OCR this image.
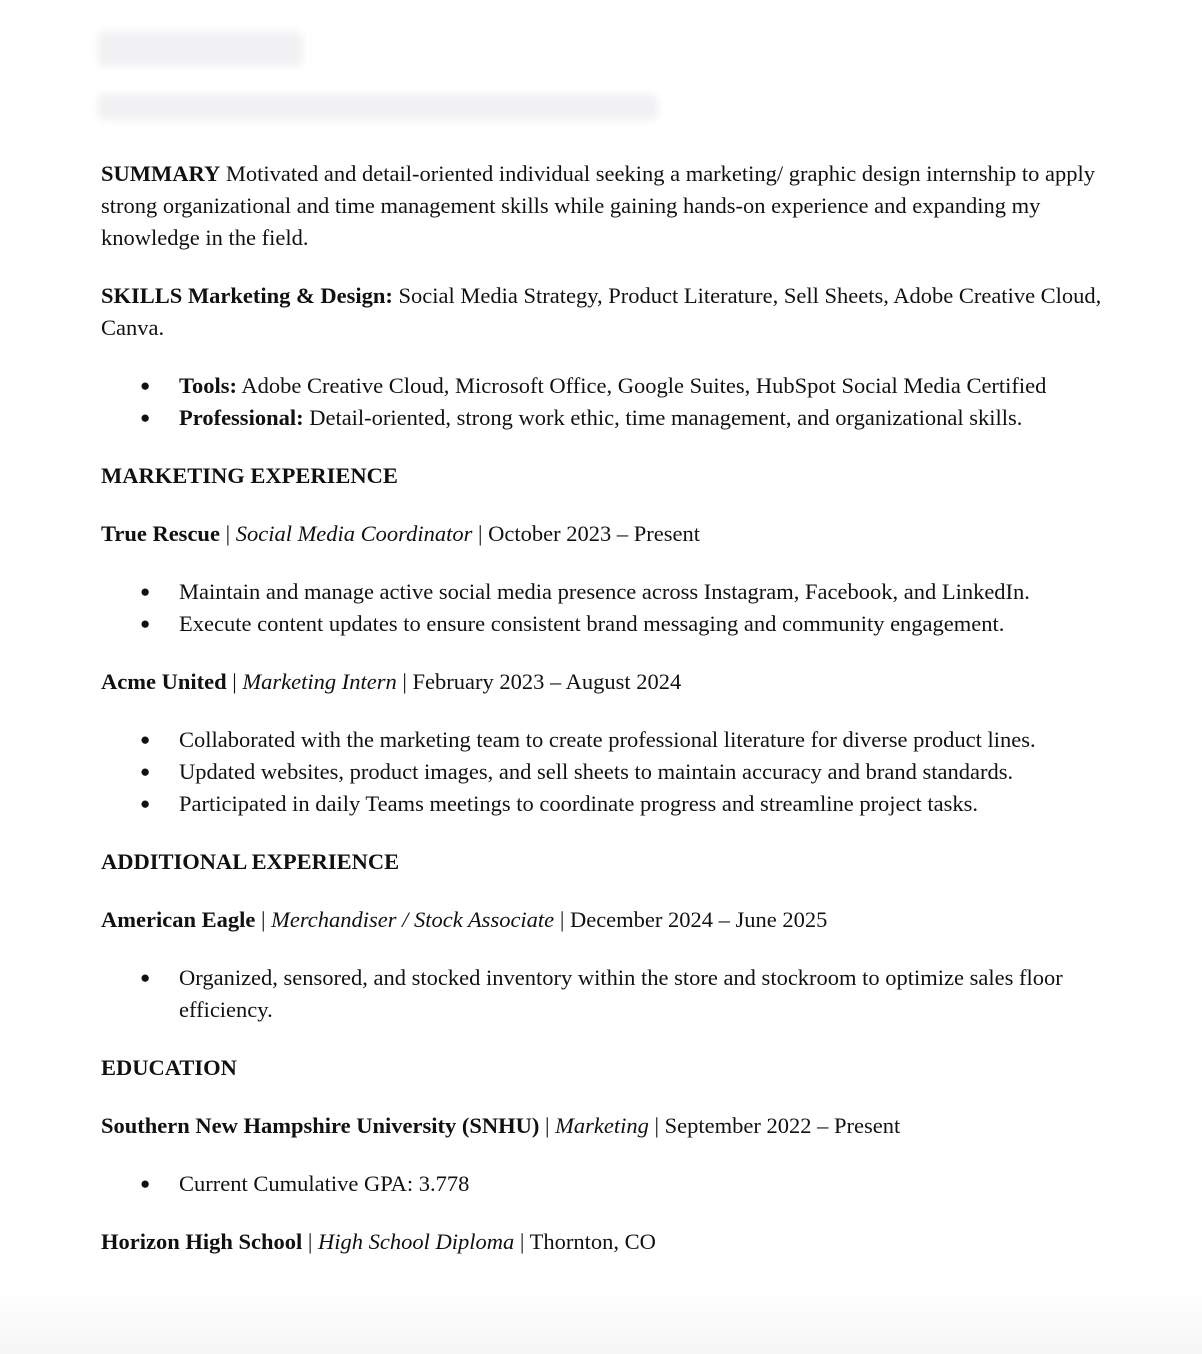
SUMMARY Motivated and detail-oriented individual seeking a marketing/ graphic design internship to apply strong organizational and time management skills while gaining hands-on experience and expanding my knowledge in the field.

SKILLS Marketing & Design: Social Media Strategy, Product Literature, Sell Sheets, Adobe Creative Cloud, Canva.

● Tools: Adobe Creative Cloud, Microsoft Office, Google Suites, HubSpot Social Media Certified
● Professional: Detail-oriented, strong work ethic, time management, and organizational skills.

MARKETING EXPERIENCE

True Rescue | Social Media Coordinator | October 2023 – Present

● Maintain and manage active social media presence across Instagram, Facebook, and LinkedIn.
● Execute content updates to ensure consistent brand messaging and community engagement.

Acme United | Marketing Intern | February 2023 – August 2024

● Collaborated with the marketing team to create professional literature for diverse product lines.
● Updated websites, product images, and sell sheets to maintain accuracy and brand standards.
● Participated in daily Teams meetings to coordinate progress and streamline project tasks.

ADDITIONAL EXPERIENCE

American Eagle | Merchandiser / Stock Associate | December 2024 – June 2025

● Organized, sensored, and stocked inventory within the store and stockroom to optimize sales floor efficiency.

EDUCATION

Southern New Hampshire University (SNHU) | Marketing | September 2022 – Present

● Current Cumulative GPA: 3.778

Horizon High School | High School Diploma | Thornton, CO
